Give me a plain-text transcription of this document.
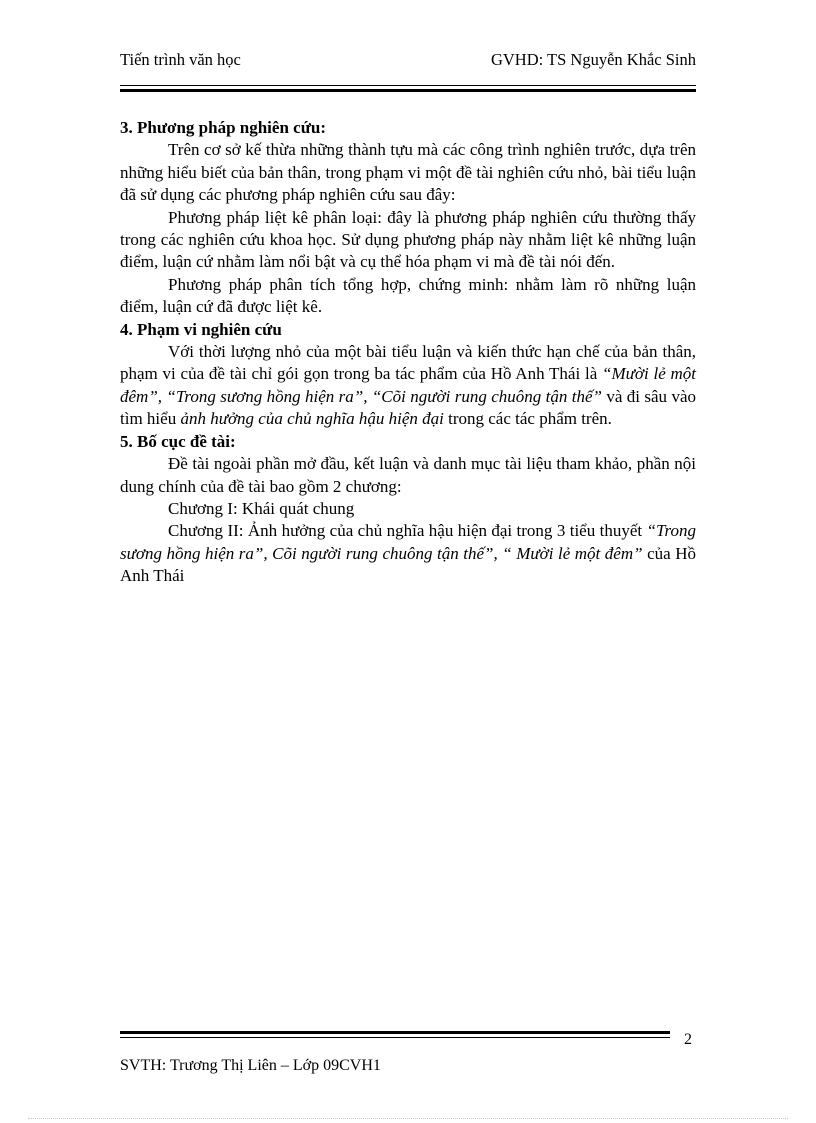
Tiến trình văn học	GVHD: TS Nguyễn Khắc Sinh
3. Phương pháp nghiên cứu:

Trên cơ sở kế thừa những thành tựu mà các công trình nghiên trước, dựa trên những hiểu biết của bản thân, trong phạm vi một đề tài nghiên cứu nhỏ, bài tiểu luận đã sử dụng các phương pháp nghiên cứu sau đây:

Phương pháp liệt kê phân loại: đây là phương pháp nghiên cứu thường thấy trong các nghiên cứu khoa học. Sử dụng phương pháp này nhằm liệt kê những luận điểm, luận cứ nhằm làm nổi bật và cụ thể hóa phạm vi mà đề tài nói đến.

Phương pháp phân tích tổng hợp, chứng minh: nhằm làm rõ những luận điểm, luận cứ đã được liệt kê.

4. Phạm vi nghiên cứu

Với thời lượng nhỏ của một bài tiểu luận và kiến thức hạn chế của bản thân, phạm vi của đề tài chỉ gói gọn trong ba tác phẩm của Hồ Anh Thái là “Mười lẻ một đêm”, “Trong sương hồng hiện ra”, “Cõi người rung chuông tận thế” và đi sâu vào tìm hiểu ảnh hưởng của chủ nghĩa hậu hiện đại trong các tác phẩm trên.

5. Bố cục đề tài:

Đề tài ngoài phần mở đầu, kết luận và danh mục tài liệu tham khảo, phần nội dung chính của đề tài bao gồm 2 chương:

Chương I: Khái quát chung

Chương II: Ảnh hưởng của chủ nghĩa hậu hiện đại trong 3 tiểu thuyết “Trong sương hồng hiện ra”, Cõi người rung chuông tận thế”, “ Mười lẻ một đêm” của Hồ Anh Thái

2
SVTH: Trương Thị Liên – Lớp 09CVH1
